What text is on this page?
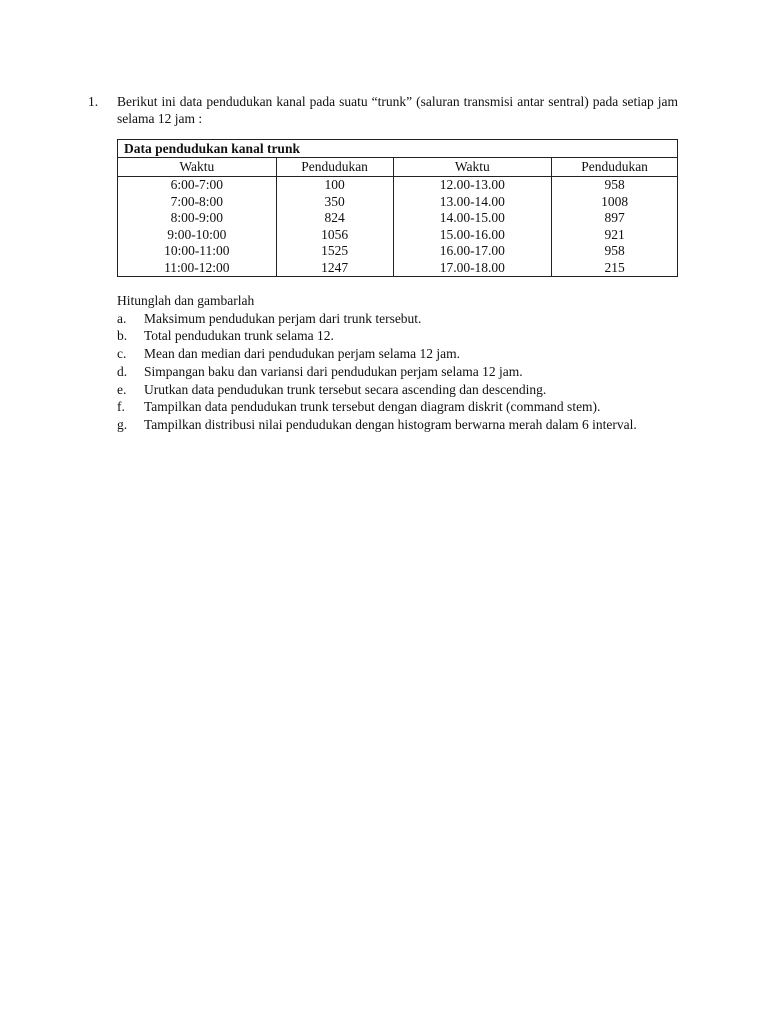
1. Berikut ini data pendudukan kanal pada suatu “trunk” (saluran transmisi antar sentral) pada setiap jam selama 12 jam :
Data pendudukan kanal trunk			
Waktu	Pendudukan	Waktu	Pendudukan
6:00-7:00	100	12.00-13.00	958
7:00-8:00	350	13.00-14.00	1008
8:00-9:00	824	14.00-15.00	897
9:00-10:00	1056	15.00-16.00	921
10:00-11:00	1525	16.00-17.00	958
11:00-12:00	1247	17.00-18.00	215

Hitunglah dan gambarlah

a.	Maksimum pendudukan perjam dari trunk tersebut.
b.	Total pendudukan trunk selama 12.
c.	Mean dan median dari pendudukan perjam selama 12 jam.
d.	Simpangan baku dan variansi dari pendudukan perjam selama 12 jam.
e.	Urutkan data pendudukan trunk tersebut secara ascending dan descending.
f.	Tampilkan data pendudukan trunk tersebut dengan diagram diskrit (command stem).
g.	Tampilkan distribusi nilai pendudukan dengan histogram berwarna merah dalam 6 interval.
